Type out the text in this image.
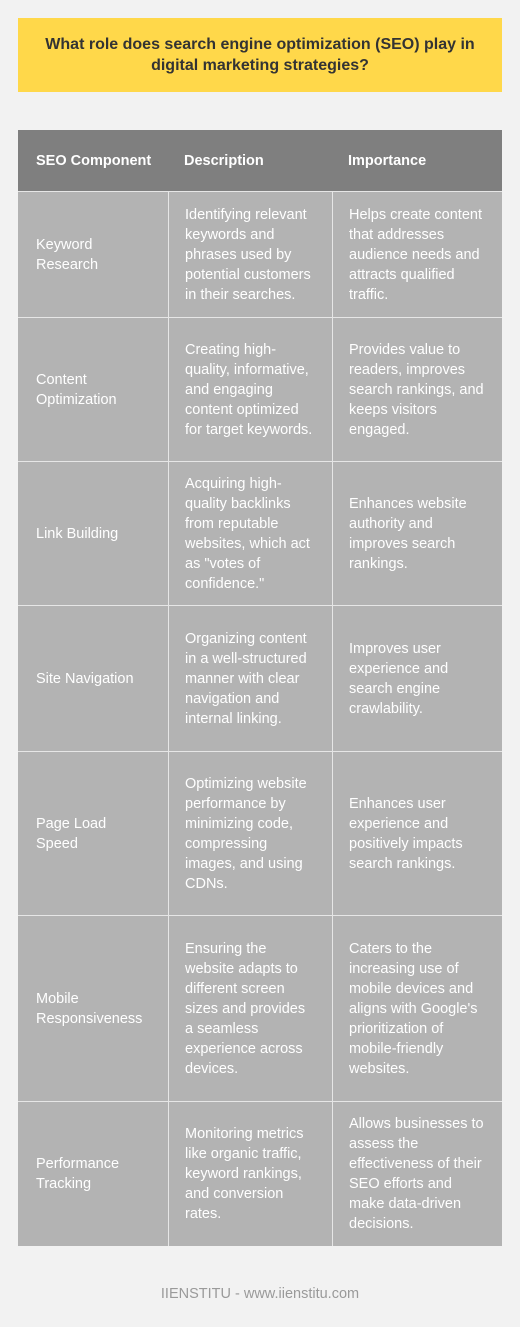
What role does search engine optimization (SEO) play in digital marketing strategies?
SEO Component	Description	Importance
Keyword Research
Identifying relevant keywords and phrases used by potential customers in their searches.
Helps create content that addresses audience needs and attracts qualified traffic.
Content Optimization
Creating high-quality, informative, and engaging content optimized for target keywords.
Provides value to readers, improves search rankings, and keeps visitors engaged.
Link Building
Acquiring high-quality backlinks from reputable websites, which act as "votes of confidence."
Enhances website authority and improves search rankings.
Site Navigation
Organizing content in a well-structured manner with clear navigation and internal linking.
Improves user experience and search engine crawlability.
Page Load Speed
Optimizing website performance by minimizing code, compressing images, and using CDNs.
Enhances user experience and positively impacts search rankings.
Mobile Responsiveness
Ensuring the website adapts to different screen sizes and provides a seamless experience across devices.
Caters to the increasing use of mobile devices and aligns with Google's prioritization of mobile-friendly websites.
Performance Tracking
Monitoring metrics like organic traffic, keyword rankings, and conversion rates.
Allows businesses to assess the effectiveness of their SEO efforts and make data-driven decisions.
IIENSTITU - www.iienstitu.com
